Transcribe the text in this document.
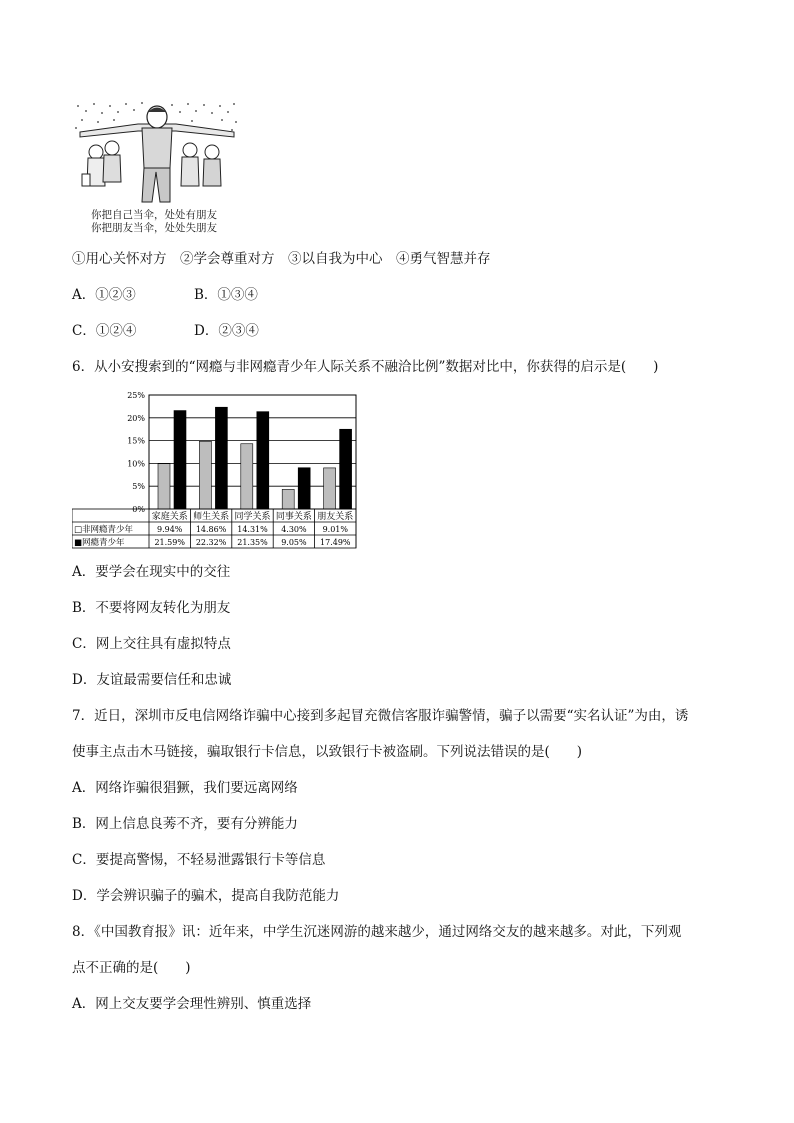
你把自己当伞，处处有朋友
你把朋友当伞，处处失朋友
①用心关怀对方　②学会尊重对方　③以自我为中心　④勇气智慧并存
A．①②③	B．①③④
C．①②④	D．②③④
6．从小安搜索到的“网瘾与非网瘾青少年人际关系不融洽比例”数据对比中，你获得的启示是(　　)
0%
5%
10%
15%
20%
25%
家庭关系 师生关系 同学关系 同事关系 朋友关系
□非网瘾青少年	9.94% 14.86% 14.31% 4.30% 9.01%
■网瘾青少年	21.59% 22.32% 21.35% 9.05% 17.49%
A．要学会在现实中的交往
B．不要将网友转化为朋友
C．网上交往具有虚拟特点
D．友谊最需要信任和忠诚
7．近日，深圳市反电信网络诈骗中心接到多起冒充微信客服诈骗警情，骗子以需要“实名认证”为由，诱
使事主点击木马链接，骗取银行卡信息，以致银行卡被盗刷。下列说法错误的是(　　)
A．网络诈骗很猖獗，我们要远离网络
B．网上信息良莠不齐，要有分辨能力
C．要提高警惕，不轻易泄露银行卡等信息
D．学会辨识骗子的骗术，提高自我防范能力
8．《中国教育报》讯：近年来，中学生沉迷网游的越来越少，通过网络交友的越来越多。对此，下列观
点不正确的是(　　)
A．网上交友要学会理性辨别、慎重选择
